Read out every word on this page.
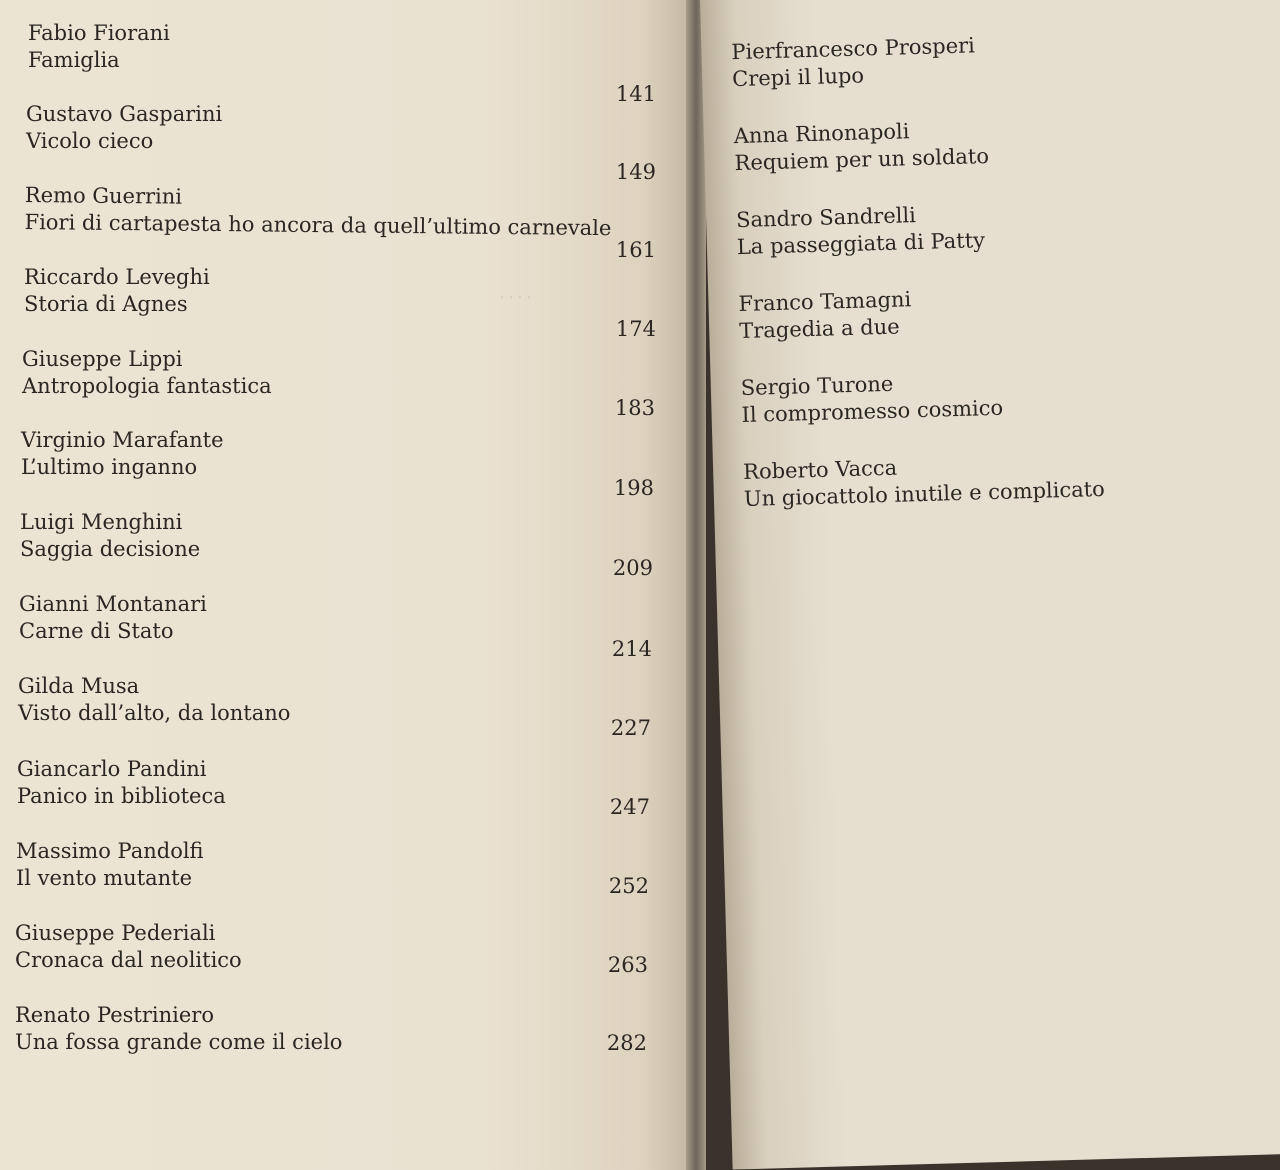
· · · ·
Fabio Fiorani
Famiglia
141
Gustavo Gasparini
Vicolo cieco
149
Remo Guerrini
Fiori di cartapesta ho ancora da quell’ultimo carnevale
161
Riccardo Leveghi
Storia di Agnes
174
Giuseppe Lippi
Antropologia fantastica
183
Virginio Marafante
L’ultimo inganno
198
Luigi Menghini
Saggia decisione
209
Gianni Montanari
Carne di Stato
214
Gilda Musa
Visto dall’alto, da lontano
227
Giancarlo Pandini
Panico in biblioteca	247
Massimo Pandolfi
Il vento mutante	252
Giuseppe Pederiali
Cronaca dal neolitico	263
Renato Pestriniero
Una fossa grande come il cielo	282
Pierfrancesco Prosperi
Crepi il lupo
Anna Rinonapoli
Requiem per un soldato
Sandro Sandrelli
La passeggiata di Patty
Franco Tamagni
Tragedia a due
Sergio Turone
Il compromesso cosmico
Roberto Vacca
Un giocattolo inutile e complicato
